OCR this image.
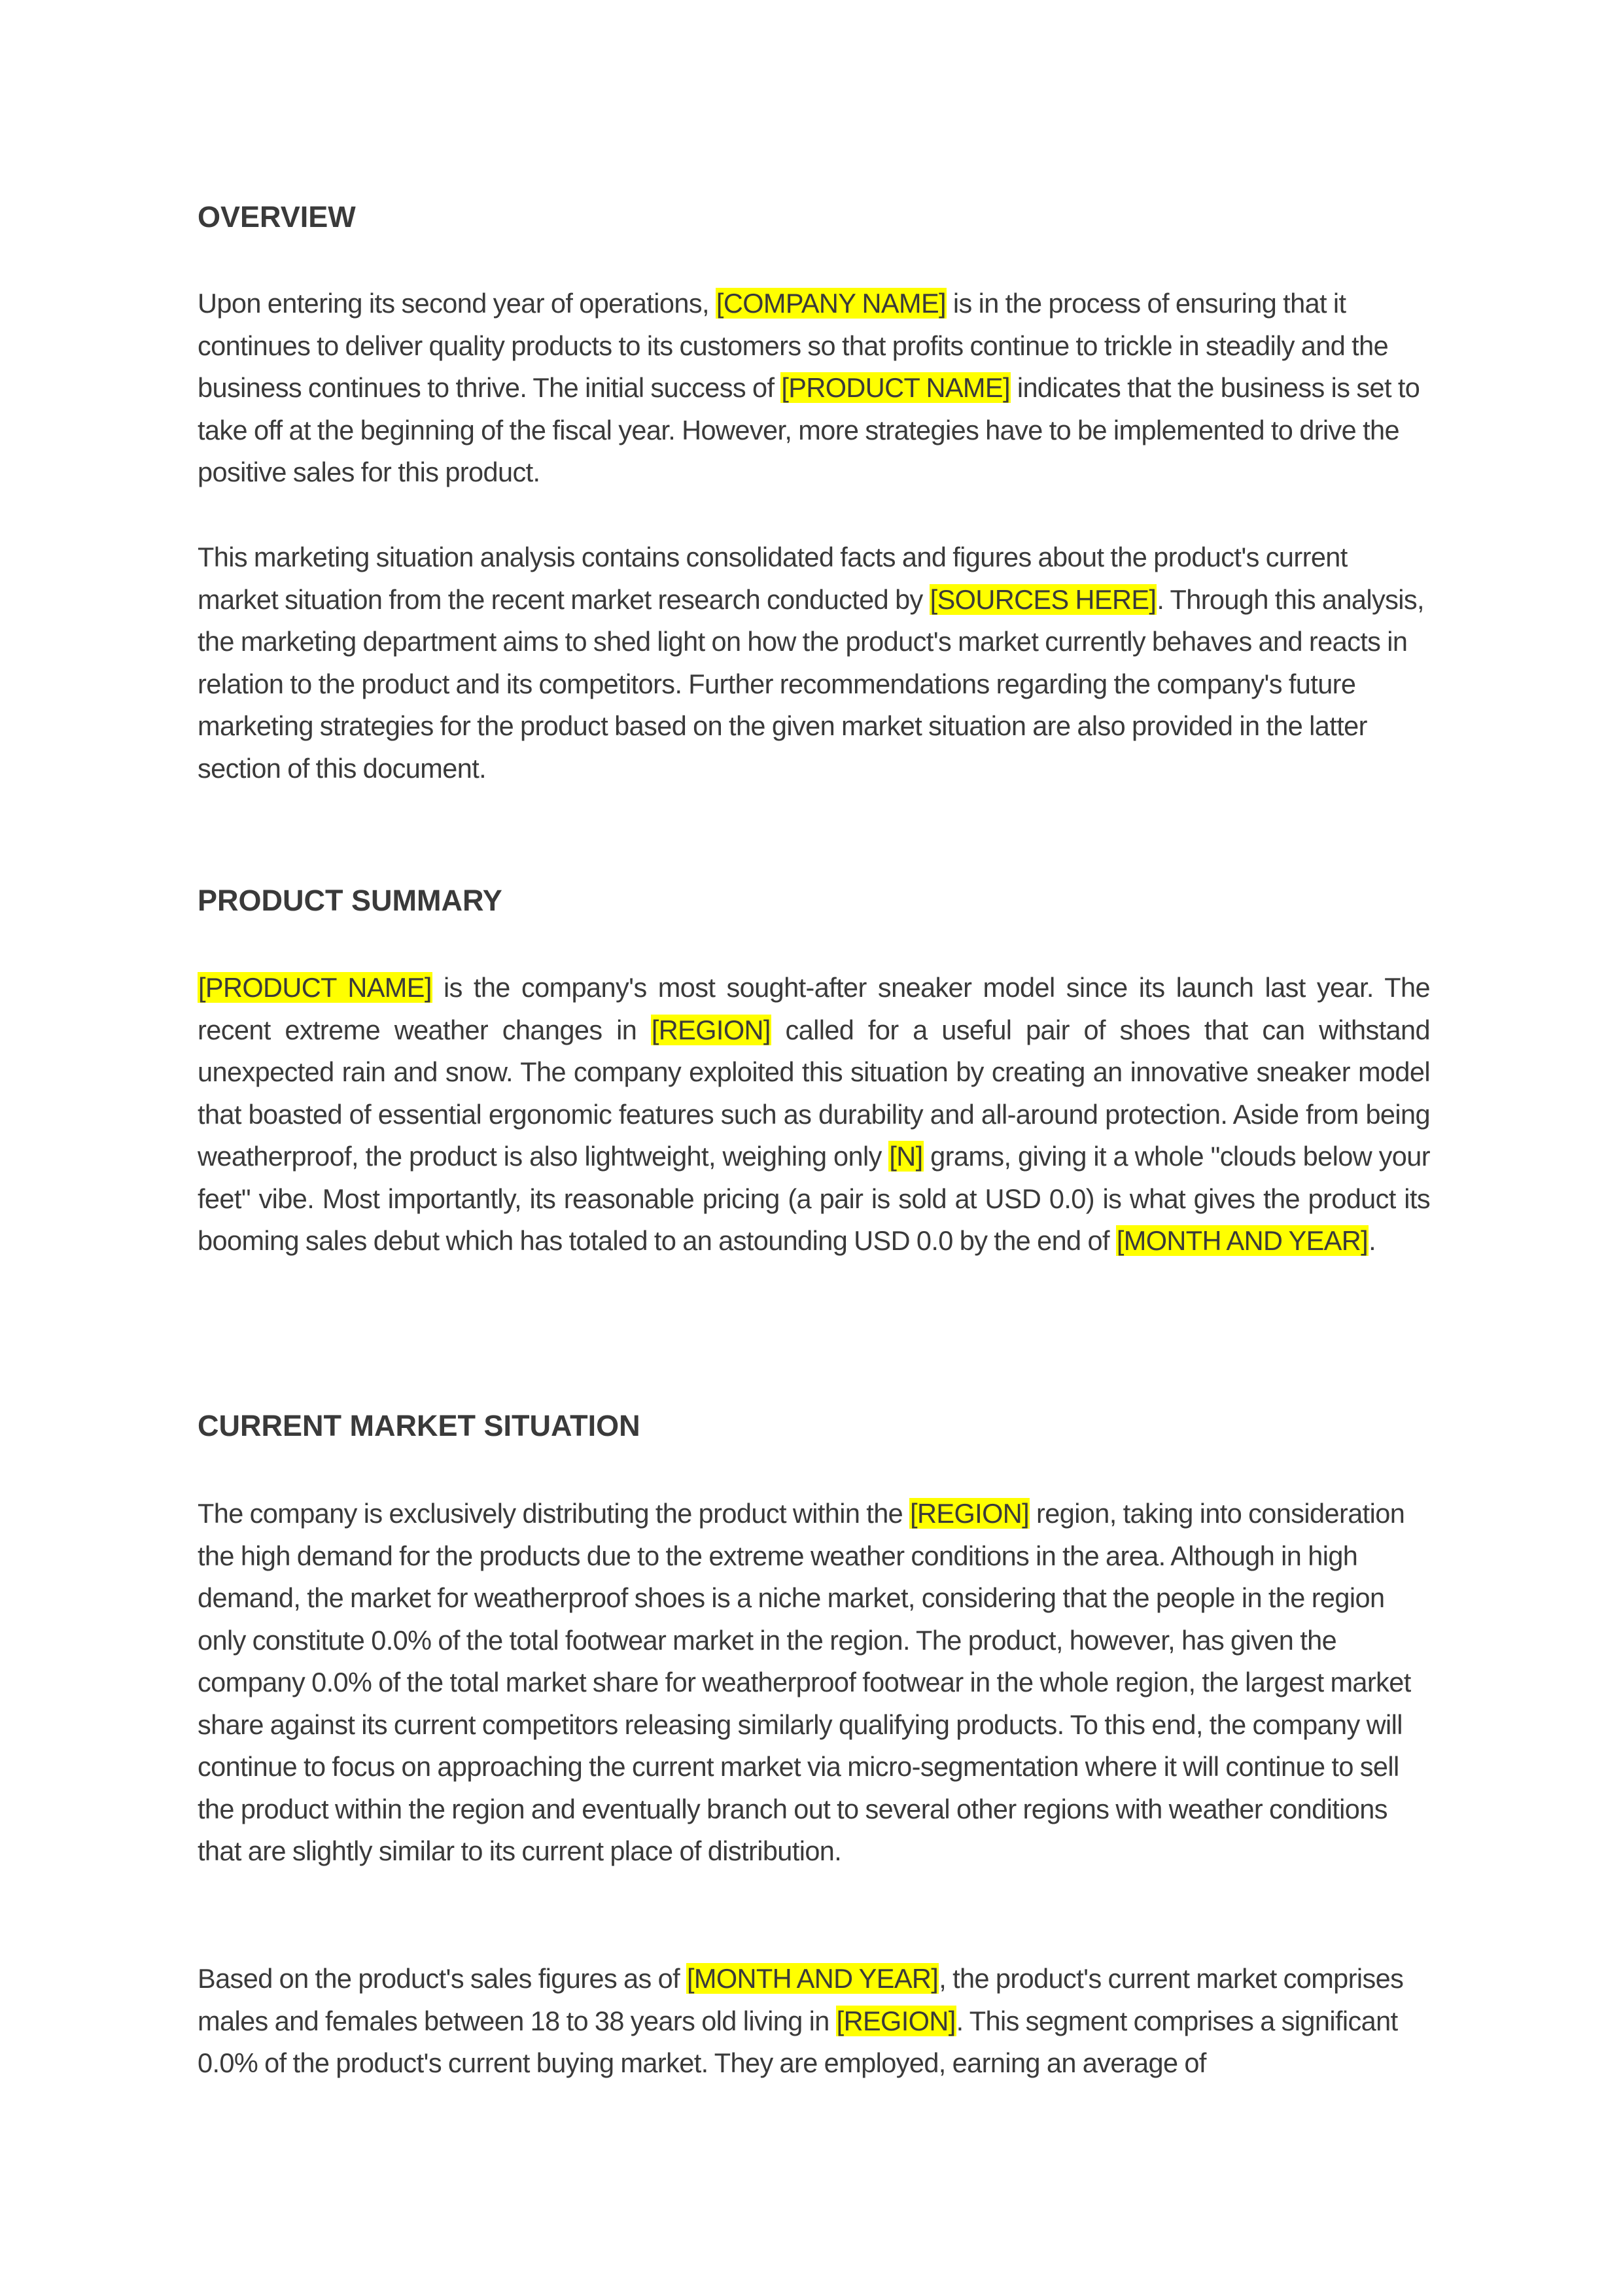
OVERVIEW

Upon entering its second year of operations, [COMPANY NAME] is in the process of ensuring that it continues to deliver quality products to its customers so that profits continue to trickle in steadily and the business continues to thrive. The initial success of [PRODUCT NAME] indicates that the business is set to take off at the beginning of the fiscal year. However, more strategies have to be implemented to drive the positive sales for this product.

This marketing situation analysis contains consolidated facts and figures about the product's current market situation from the recent market research conducted by [SOURCES HERE]. Through this analysis, the marketing department aims to shed light on how the product's market currently behaves and reacts in relation to the product and its competitors. Further recommendations regarding the company's future marketing strategies for the product based on the given market situation are also provided in the latter section of this document.

PRODUCT SUMMARY

[PRODUCT NAME] is the company's most sought-after sneaker model since its launch last year. The recent extreme weather changes in [REGION] called for a useful pair of shoes that can withstand unexpected rain and snow. The company exploited this situation by creating an innovative sneaker model that boasted of essential ergonomic features such as durability and all-around protection. Aside from being weatherproof, the product is also lightweight, weighing only [N] grams, giving it a whole "clouds below your feet" vibe. Most importantly, its reasonable pricing (a pair is sold at USD 0.0) is what gives the product its booming sales debut which has totaled to an astounding USD 0.0 by the end of [MONTH AND YEAR].

CURRENT MARKET SITUATION

The company is exclusively distributing the product within the [REGION] region, taking into consideration the high demand for the products due to the extreme weather conditions in the area. Although in high demand, the market for weatherproof shoes is a niche market, considering that the people in the region only constitute 0.0% of the total footwear market in the region. The product, however, has given the company 0.0% of the total market share for weatherproof footwear in the whole region, the largest market share against its current competitors releasing similarly qualifying products. To this end, the company will continue to focus on approaching the current market via micro-segmentation where it will continue to sell the product within the region and eventually branch out to several other regions with weather conditions that are slightly similar to its current place of distribution.

Based on the product's sales figures as of [MONTH AND YEAR], the product's current market comprises males and females between 18 to 38 years old living in [REGION]. This segment comprises a significant 0.0% of the product's current buying market. They are employed, earning an average of
